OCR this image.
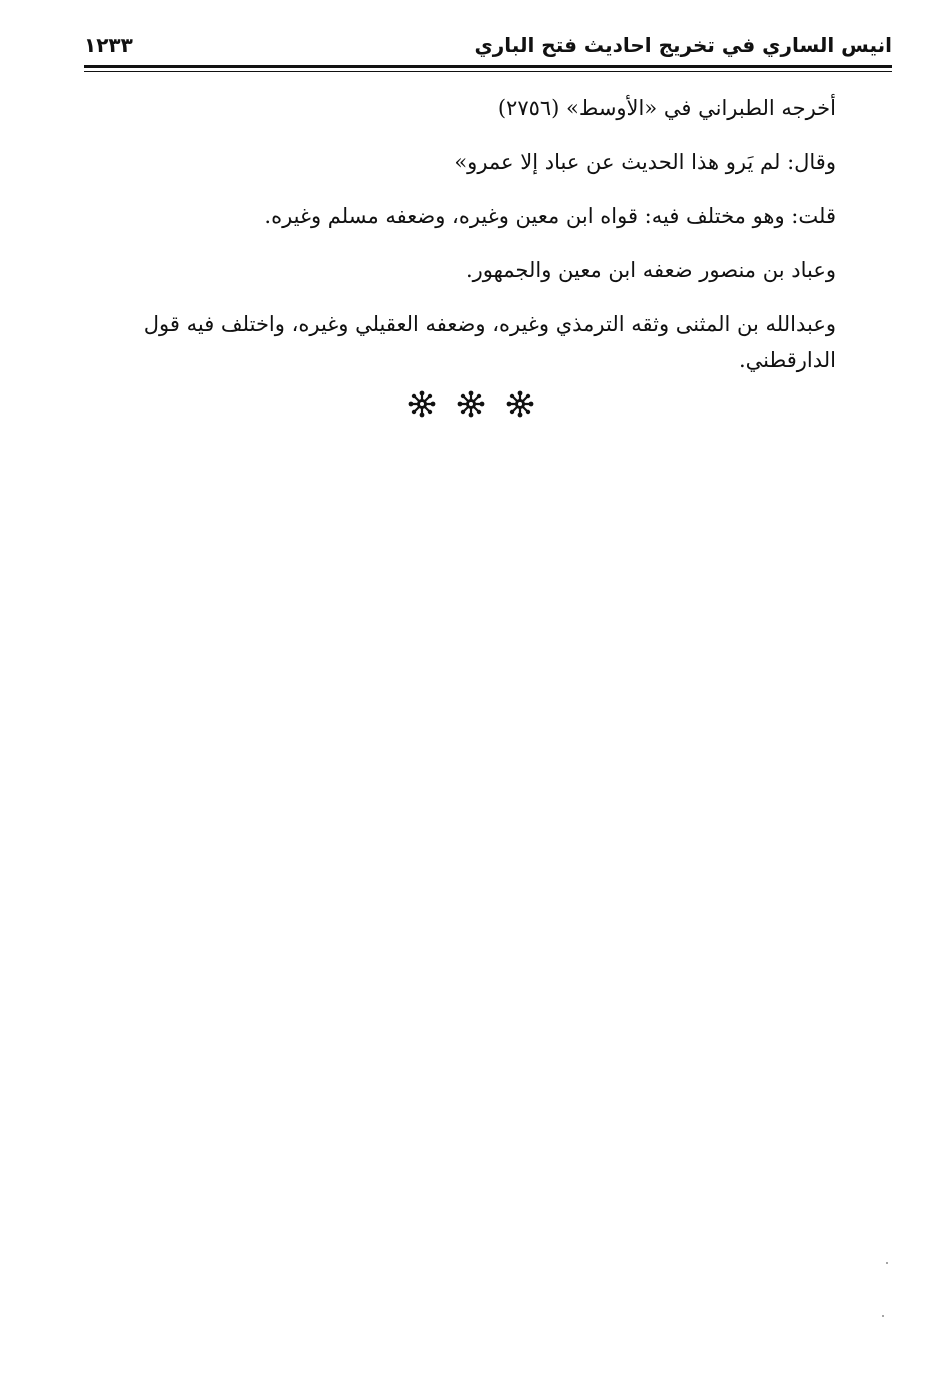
انيس الساري في تخريج احاديث فتح الباري
١٢٣٣

أخرجه الطبراني في «الأوسط» (٢٧٥٦)

وقال: لم يَرو هذا الحديث عن عباد إلا عمرو»

قلت: وهو مختلف فيه: قواه ابن معين وغيره، وضعفه مسلم وغيره.

وعباد بن منصور ضعفه ابن معين والجمهور.

وعبدالله بن المثنى وثقه الترمذي وغيره، وضعفه العقيلي وغيره، واختلف فيه قول الدارقطني.
